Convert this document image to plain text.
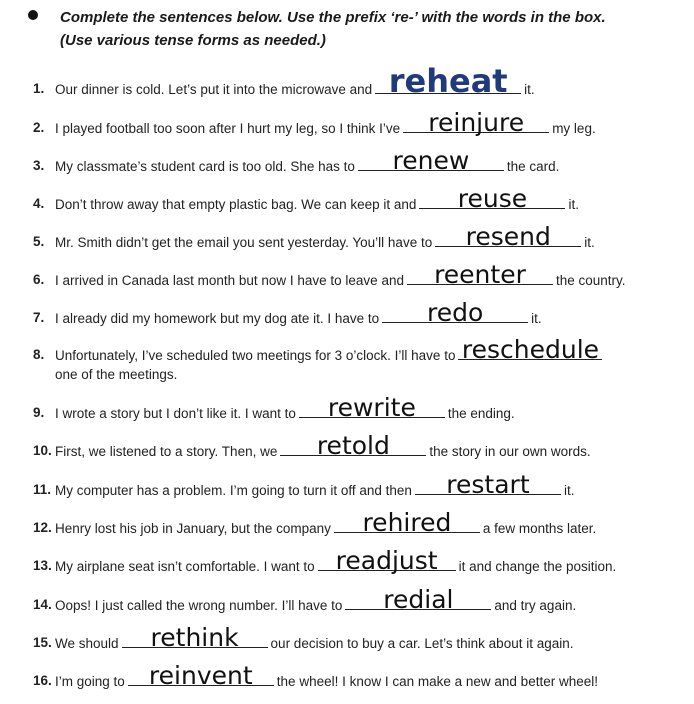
Complete the sentences below. Use the prefix ‘re-’ with the words in the box.
(Use various tense forms as needed.)
1. Our dinner is cold. Let’s put it into the microwave and reheat	it.
2. I played football too soon after I hurt my leg, so I think I’ve	reinjure	my leg.
3. My classmate’s student card is too old. She has to	renew	the card.
4. Don’t throw away that empty plastic bag. We can keep it and	reuse	it.
5. Mr. Smith didn’t get the email you sent yesterday. You’ll have to	resend	it.
6. I arrived in Canada last month but now I have to leave and	reenter	the country.
7. I already did my homework but my dog ate it. I have to	redo	it.
8. Unfortunately, I’ve scheduled two meetings for 3 o’clock. I’ll have to reschedule
one of the meetings.
9. I wrote a story but I don’t like it. I want to	rewrite	the ending.
10. First, we listened to a story. Then, we	retold	the story in our own words.
11. My computer has a problem. I’m going to turn it off and then	restart	it.
12. Henry lost his job in January, but the company	rehired	a few months later.
13. My airplane seat isn’t comfortable. I want to readjust	it and change the position.
14. Oops! I just called the wrong number. I’ll have to	redial	and try again.
15. We should	rethink	our decision to buy a car. Let’s think about it again.
16. I’m going to reinvent	the wheel! I know I can make a new and better wheel!
